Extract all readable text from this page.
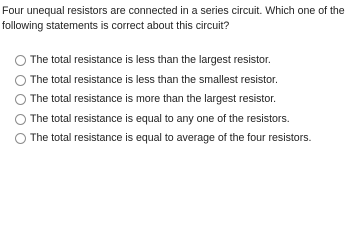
Four unequal resistors are connected in a series circuit. Which one of the following statements is correct about this circuit?

The total resistance is less than the largest resistor.
The total resistance is less than the smallest resistor.
The total resistance is more than the largest resistor.
The total resistance is equal to any one of the resistors.
The total resistance is equal to average of the four resistors.
